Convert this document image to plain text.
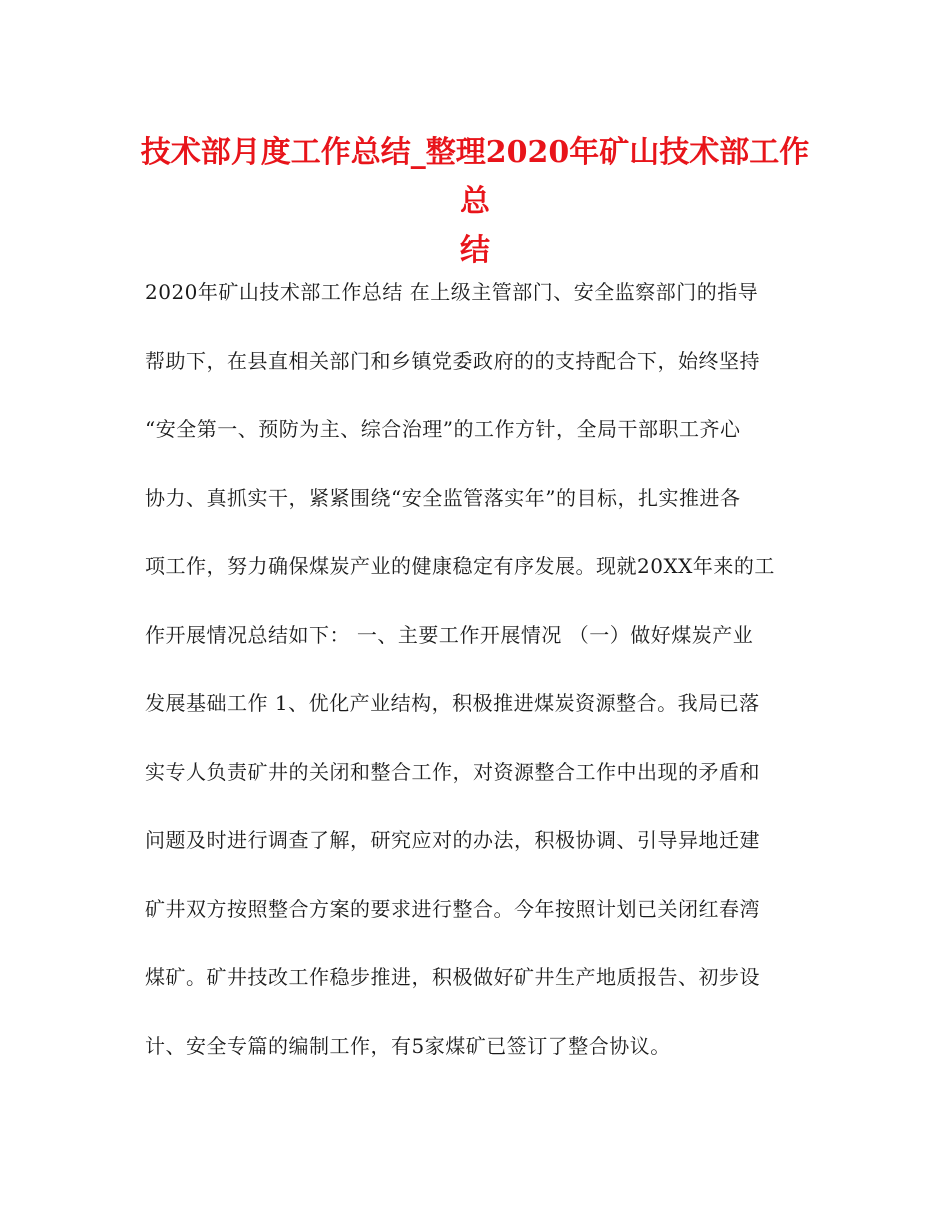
技术部月度工作总结_整理2020年矿山技术部工作总
结
2020年矿山技术部工作总结 在上级主管部门、安全监察部门的指导
帮助下，在县直相关部门和乡镇党委政府的的支持配合下，始终坚持
“安全第一、预防为主、综合治理”的工作方针，全局干部职工齐心
协力、真抓实干，紧紧围绕“安全监管落实年”的目标，扎实推进各
项工作，努力确保煤炭产业的健康稳定有序发展。现就20XX年来的工
作开展情况总结如下： 一、主要工作开展情况 （一）做好煤炭产业
发展基础工作 1、优化产业结构，积极推进煤炭资源整合。我局已落
实专人负责矿井的关闭和整合工作，对资源整合工作中出现的矛盾和
问题及时进行调查了解，研究应对的办法，积极协调、引导异地迁建
矿井双方按照整合方案的要求进行整合。今年按照计划已关闭红春湾
煤矿。矿井技改工作稳步推进，积极做好矿井生产地质报告、初步设
计、安全专篇的编制工作，有5家煤矿已签订了整合协议。
